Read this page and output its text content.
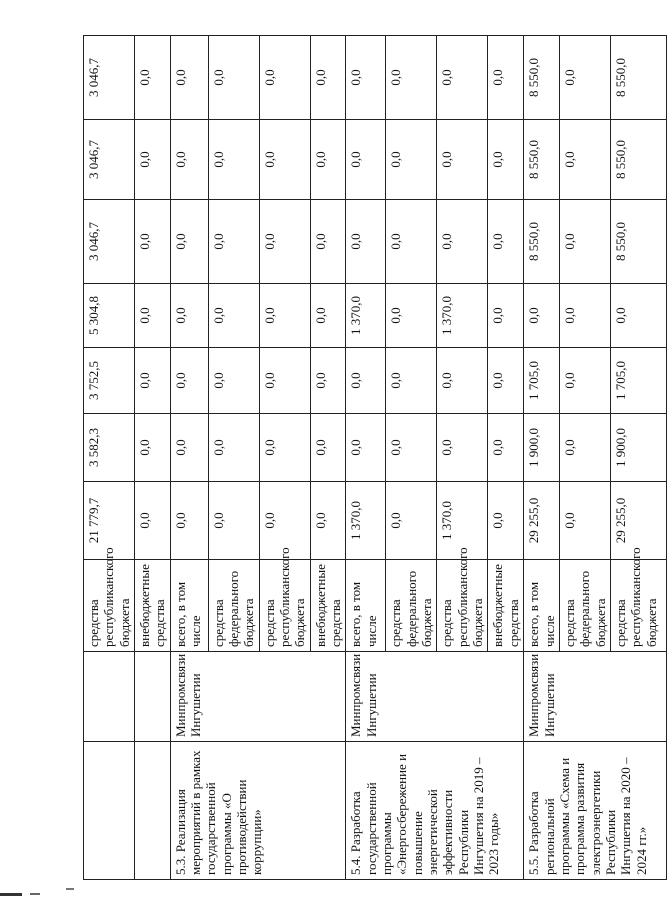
		средства республиканского бюджета	21 779,7	3 582,3	3 752,5	5 304,8	3 046,7	3 046,7	3 046,7
		внебюджетные средства	0,0	0,0	0,0	0,0	0,0	0,0	0,0
5.3. Реализация мероприятий в рамках государственной программы «О противодействии коррупции»	Минпромсвязи Ингушетии	всего, в том числе	0,0	0,0	0,0	0,0	0,0	0,0	0,0
		средства федерального бюджета	0,0	0,0	0,0	0,0	0,0	0,0	0,0
		средства республиканского бюджета	0,0	0,0	0,0	0,0	0,0	0,0	0,0
		внебюджетные средства	0,0	0,0	0,0	0,0	0,0	0,0	0,0
5.4. Разработка государственной программы «Энергосбережение и повышение энергетической эффективности Республики Ингушетия на 2019 – 2023 годы»	Минпромсвязи Ингушетии	всего, в том числе	1 370,0	0,0	0,0	1 370,0	0,0	0,0	0,0
		средства федерального бюджета	0,0	0,0	0,0	0,0	0,0	0,0	0,0
		средства республиканского бюджета	1 370,0	0,0	0,0	1 370,0	0,0	0,0	0,0
		внебюджетные средства	0,0	0,0	0,0	0,0	0,0	0,0	0,0
5.5. Разработка региональной программы «Схема и программа развития электроэнергетики Республики Ингушетия на 2020 –2024 гг.»	Минпромсвязи Ингушетии	всего, в том числе	29 255,0	1 900,0	1 705,0	0,0	8 550,0	8 550,0	8 550,0
		средства федерального бюджета	0,0	0,0	0,0	0,0	0,0	0,0	0,0
		средства республиканского бюджета	29 255,0	1 900,0	1 705,0	0,0	8 550,0	8 550,0	8 550,0
